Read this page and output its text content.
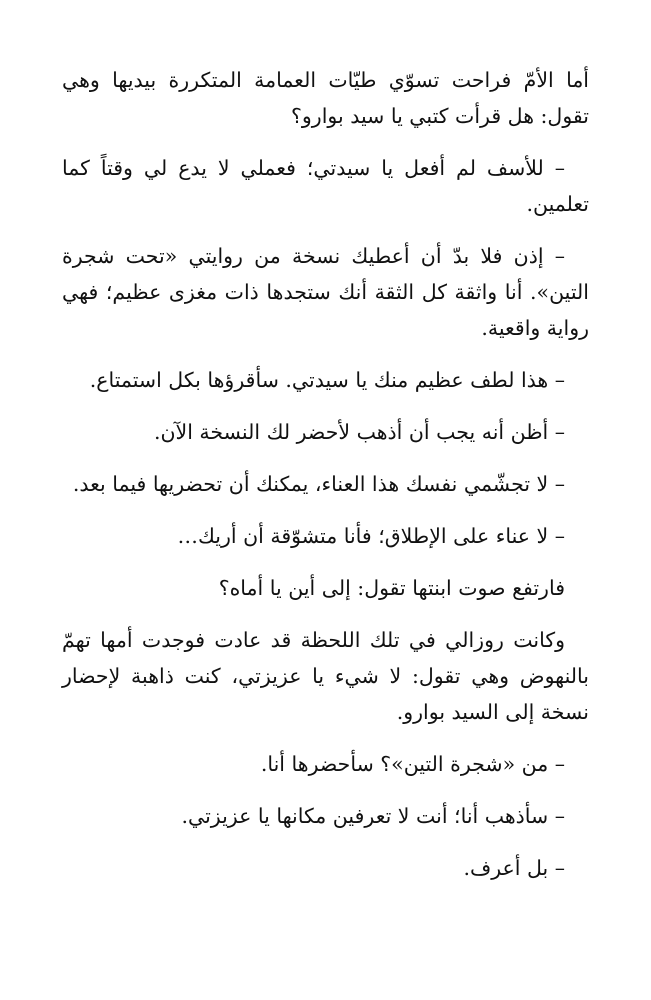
أما الأمّ فراحت تسوّي طيّات العمامة المتكررة بيديها وهي تقول: هل قرأت كتبي يا سيد بوارو؟

– للأسف لم أفعل يا سيدتي؛ فعملي لا يدع لي وقتاً كما تعلمين.

– إذن فلا بدّ أن أعطيك نسخة من روايتي «تحت شجرة التين». أنا واثقة كل الثقة أنك ستجدها ذات مغزى عظيم؛ فهي رواية واقعية.

– هذا لطف عظيم منك يا سيدتي. سأقرؤها بكل استمتاع.

– أظن أنه يجب أن أذهب لأحضر لك النسخة الآن.

– لا تجشّمي نفسك هذا العناء، يمكنك أن تحضريها فيما بعد.

– لا عناء على الإطلاق؛ فأنا متشوّقة أن أريك…

فارتفع صوت ابنتها تقول: إلى أين يا أماه؟

وكانت روزالي في تلك اللحظة قد عادت فوجدت أمها تهمّ بالنهوض وهي تقول: لا شيء يا عزيزتي، كنت ذاهبة لإحضار نسخة إلى السيد بوارو.

– من «شجرة التين»؟ سأحضرها أنا.

– سأذهب أنا؛ أنت لا تعرفين مكانها يا عزيزتي.

– بل أعرف.
